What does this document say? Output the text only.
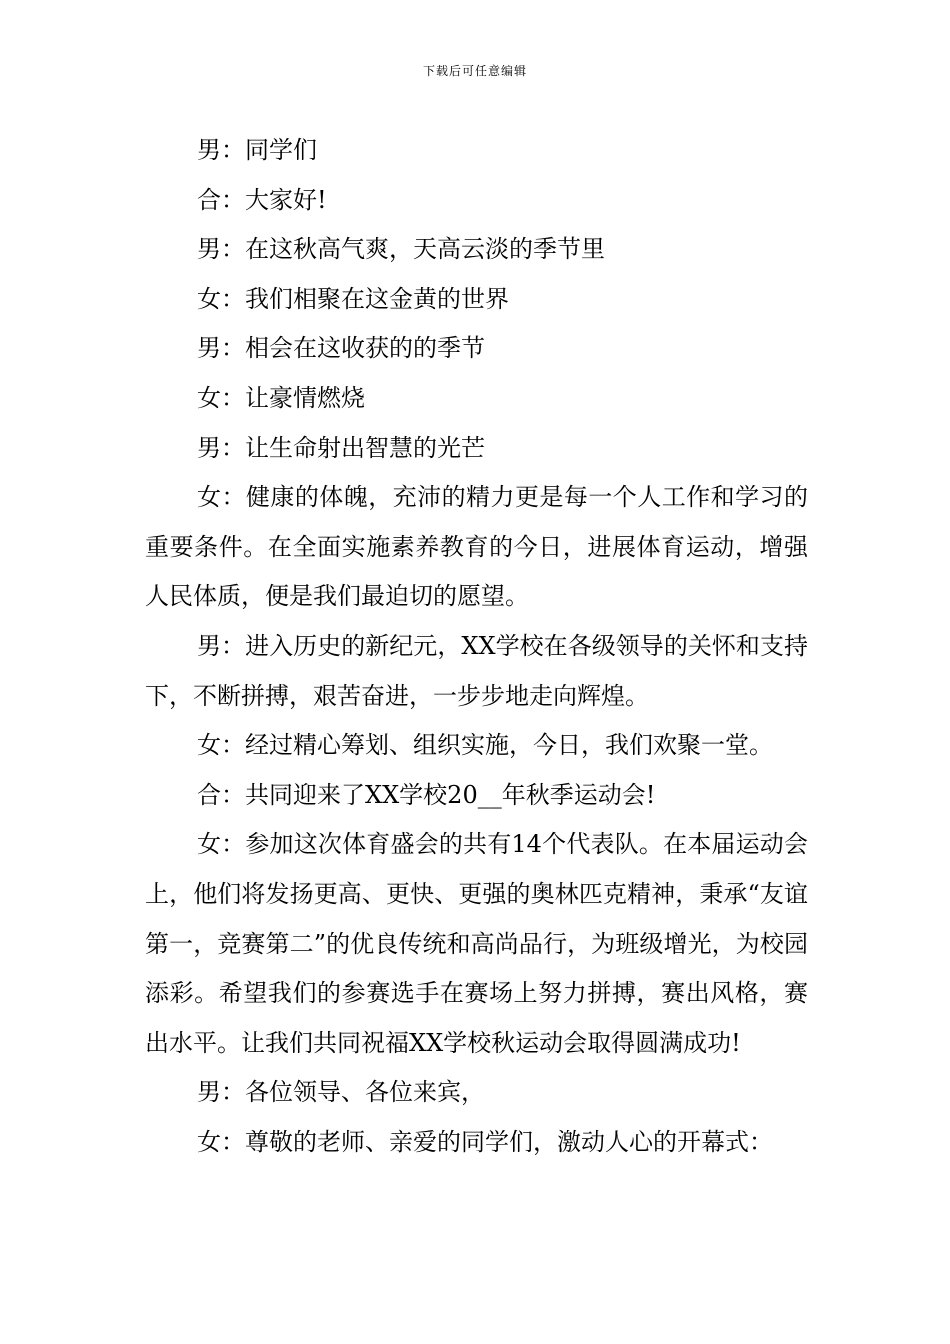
下载后可任意编辑

男：同学们

合：大家好!

男：在这秋高气爽，天高云淡的季节里

女：我们相聚在这金黄的世界

男：相会在这收获的的季节

女：让豪情燃烧

男：让生命射出智慧的光芒

女：健康的体魄，充沛的精力更是每一个人工作和学习的重要条件。在全面实施素养教育的今日，进展体育运动，增强人民体质，便是我们最迫切的愿望。

男：进入历史的新纪元，XX学校在各级领导的关怀和支持下，不断拼搏，艰苦奋进，一步步地走向辉煌。

女：经过精心筹划、组织实施，今日，我们欢聚一堂。

合：共同迎来了XX学校20__年秋季运动会!

女：参加这次体育盛会的共有14个代表队。在本届运动会上，他们将发扬更高、更快、更强的奥林匹克精神，秉承“友谊第一，竞赛第二”的优良传统和高尚品行，为班级增光，为校园添彩。希望我们的参赛选手在赛场上努力拼搏，赛出风格，赛出水平。让我们共同祝福XX学校秋运动会取得圆满成功!

男：各位领导、各位来宾，

女：尊敬的老师、亲爱的同学们，激动人心的开幕式：
